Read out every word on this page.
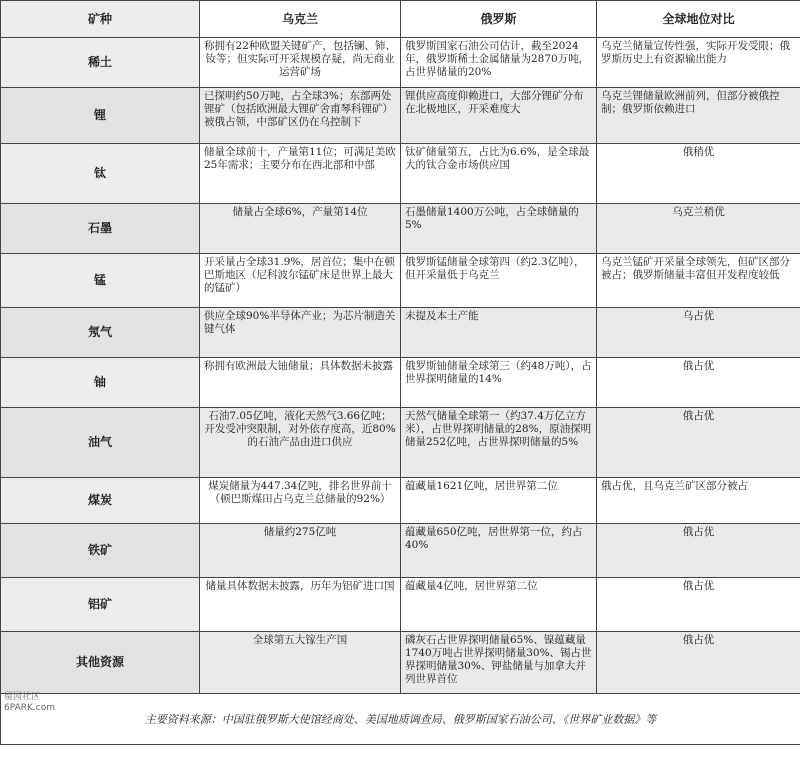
矿种	乌克兰	俄罗斯	全球地位对比
稀土	称拥有22种欧盟关键矿产，包括镧、铈、钕等；但实际可开采规模存疑，尚无商业运营矿场	俄罗斯国家石油公司估计，截至2024年，俄罗斯稀土金属储量为2870万吨，占世界储量的20%	乌克兰储量宣传性强，实际开发受限；俄罗斯历史上有资源输出能力
锂	已探明约50万吨，占全球3%；东部两处锂矿（包括欧洲最大锂矿舍甫琴科锂矿）被俄占领，中部矿区仍在乌控制下	锂供应高度仰赖进口，大部分锂矿分布在北极地区，开采难度大	乌克兰锂储量欧洲前列，但部分被俄控制；俄罗斯依赖进口
钛	储量全球前十，产量第11位；可满足美欧25年需求；主要分布在西北部和中部	钛矿储量第五，占比为6.6%，是全球最大的钛合金市场供应国	俄稍优
石墨	储量占全球6%，产量第14位	石墨储量1400万公吨，占全球储量的5%	乌克兰稍优
锰	开采量占全球31.9%，居首位；集中在顿巴斯地区（尼科波尔锰矿床是世界上最大的锰矿）	俄罗斯锰储量全球第四（约2.3亿吨），但开采量低于乌克兰	乌克兰锰矿开采量全球领先，但矿区部分被占；俄罗斯储量丰富但开发程度较低
氖气	供应全球90%半导体产业；为芯片制造关键气体	未提及本土产能	乌占优
铀	称拥有欧洲最大铀储量；具体数据未披露	俄罗斯铀储量全球第三（约48万吨），占世界探明储量的14%	俄占优
油气	石油7.05亿吨，液化天然气3.66亿吨；开发受冲突限制，对外依存度高，近80%的石油产品由进口供应	天然气储量全球第一（约37.4万亿立方米），占世界探明储量的28%，原油探明储量252亿吨，占世界探明储量的5%	俄占优
煤炭	煤炭储量为447.34亿吨，排名世界前十（顿巴斯煤田占乌克兰总储量的92%）	蕴藏量1621亿吨，居世界第二位	俄占优，且乌克兰矿区部分被占
铁矿	储量约275亿吨	蕴藏量650亿吨，居世界第一位，约占40%	俄占优
铝矿	储量具体数据未披露，历年为铝矿进口国	蕴藏量4亿吨，居世界第二位	俄占优
其他资源	全球第五大镓生产国	磷灰石占世界探明储量65%、镍蕴藏量1740万吨占世界探明储量30%、锡占世界探明储量30%、钾盐储量与加拿大并列世界首位	俄占优
主要资料来源：中国驻俄罗斯大使馆经商处、美国地质调查局、俄罗斯国家石油公司、《世界矿业数据》等			
留园社区
6PARK.com
